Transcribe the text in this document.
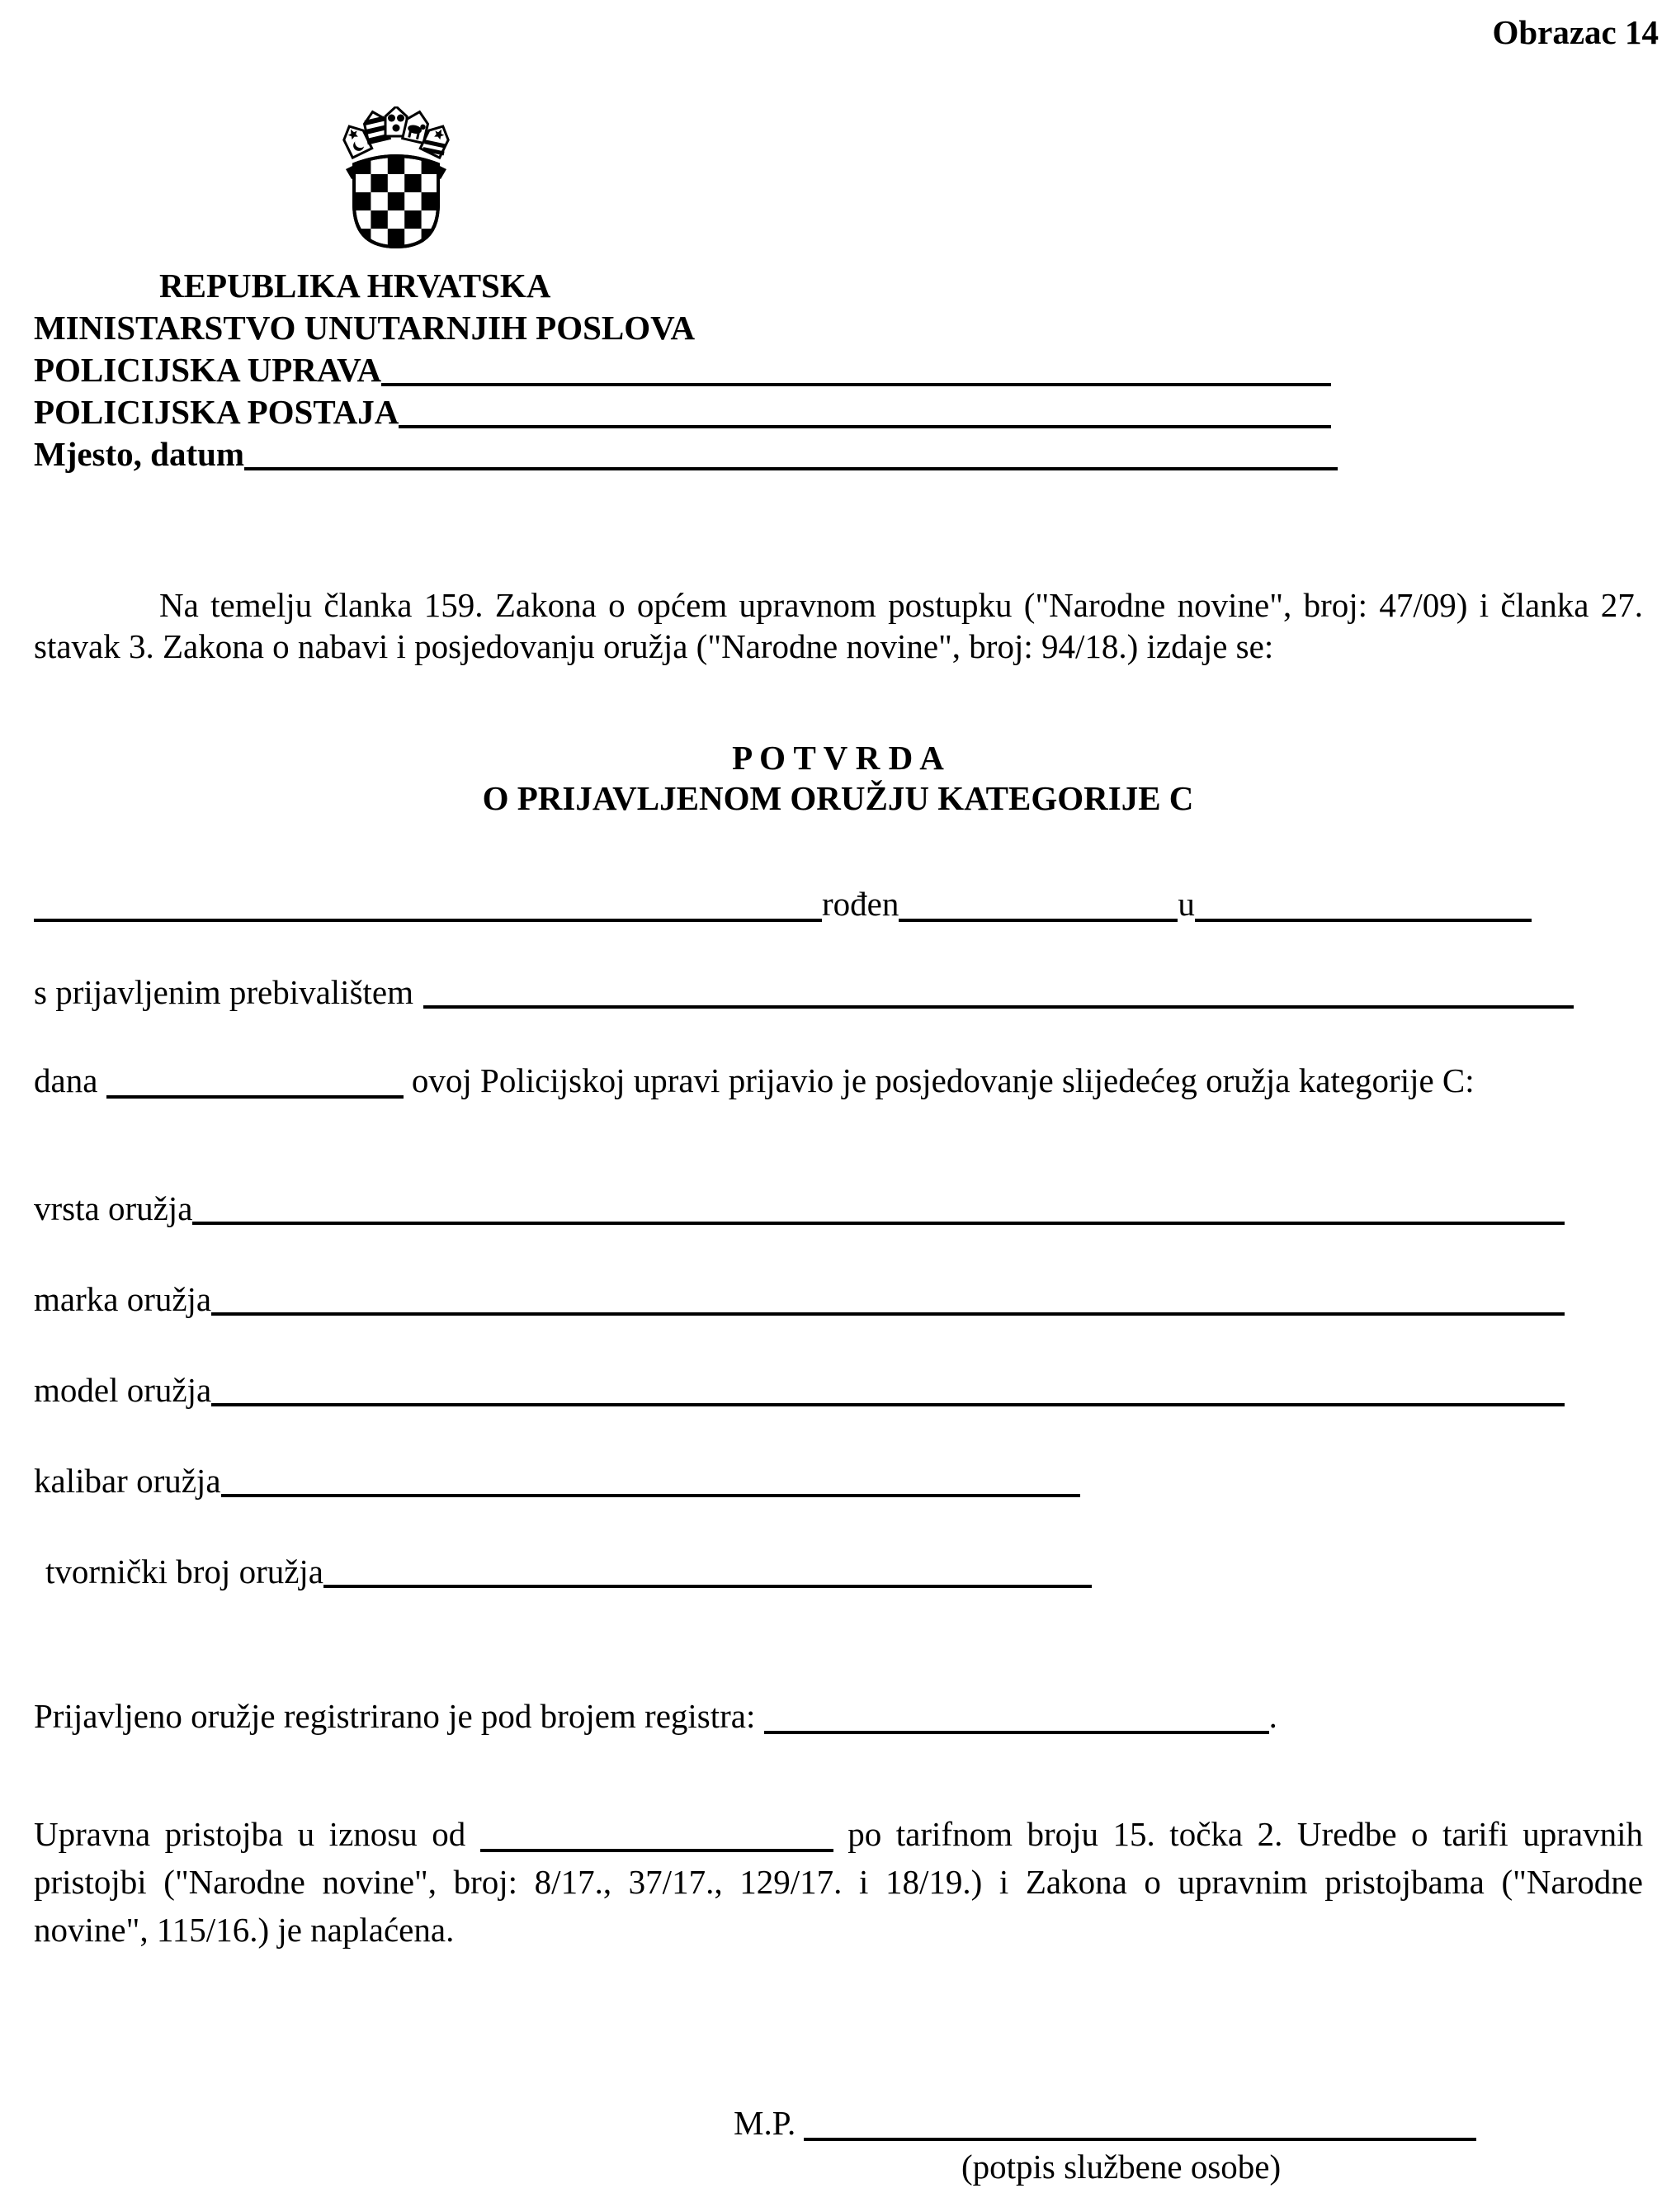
Obrazac 14
REPUBLIKA HRVATSKA
MINISTARSTVO UNUTARNJIH POSLOVA
POLICIJSKA UPRAVA
POLICIJSKA POSTAJA
Mjesto, datum

Na temelju članka 159. Zakona o općem upravnom postupku ("Narodne novine", broj: 47/09) i članka 27. stavak 3. Zakona o nabavi i posjedovanju oružja ("Narodne novine", broj: 94/18.) izdaje se:

P O T V R D A
O PRIJAVLJENOM ORUŽJU KATEGORIJE C
rođen	u
s prijavljenim prebivalištem
dana	ovoj Policijskoj upravi prijavio je posjedovanje slijedećeg oružja kategorije C:
vrsta oružja
marka oružja
model oružja
kalibar oružja
tvornički broj oružja
Prijavljeno oružje registrirano je pod brojem registra:	.

Upravna pristojba u iznosu od	po tarifnom broju 15. točka 2. Uredbe o tarifi upravnih pristojbi ("Narodne novine", broj: 8/17., 37/17., 129/17. i 18/19.) i Zakona o upravnim pristojbama ("Narodne novine", 115/16.) je naplaćena.

M.P.
(potpis službene osobe)
